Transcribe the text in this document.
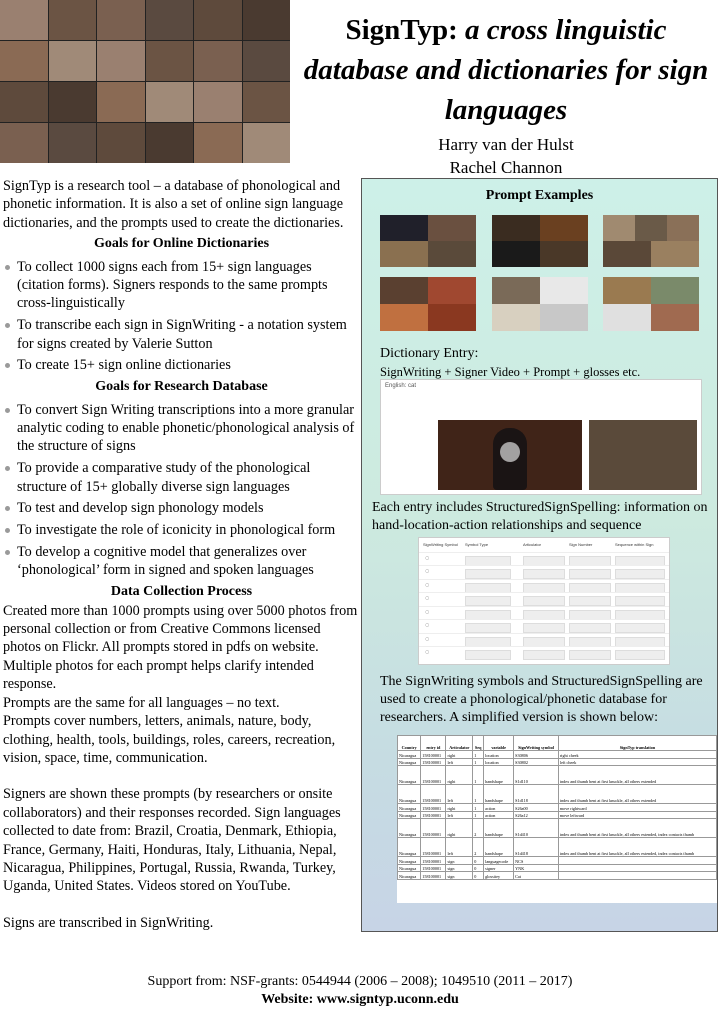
SignTyp: a cross linguistic database and dictionaries for sign languages
Harry van der Hulst
Rachel Channon

SignTyp is a research tool – a database of phonological and phonetic information. It is also a set of online sign language dictionaries, and the prompts used to create the dictionaries.

Goals for Online Dictionaries
To collect 1000 signs each from 15+ sign languages (citation forms). Signers responds to the same prompts cross-linguistically
To transcribe each sign in SignWriting - a notation system for signs created by Valerie Sutton
To create 15+ sign online dictionaries
Goals for Research Database
To convert Sign Writing transcriptions into a more granular analytic coding to enable phonetic/phonological analysis of the structure of signs
To provide a comparative study of the phonological structure of 15+ globally diverse sign languages
To test and develop sign phonology models
To investigate the role of iconicity in phonological form
To develop a cognitive model that generalizes over ‘phonological’ form in signed and spoken languages
Data Collection Process

Created more than 1000 prompts using over 5000 photos from personal collection or from Creative Commons licensed photos on Flickr. All prompts stored in pdfs on website. Multiple photos for each prompt helps clarify intended response.

Prompts are the same for all languages – no text.

Prompts cover numbers, letters, animals, nature, body, clothing, health, tools, buildings, roles, careers, recreation, vision, space, time, communication.

Signers are shown these prompts (by researchers or onsite collaborators) and their responses recorded. Sign languages collected to date from: Brazil, Croatia, Denmark, Ethiopia, France, Germany, Haiti, Honduras, Italy, Lithuania, Nepal, Nicaragua, Philippines, Portugal, Russia, Rwanda, Turkey, Uganda, United States. Videos stored on YouTube.

Signs are transcribed in SignWriting.

Prompt Examples
Dictionary Entry:
SignWriting + Signer Video + Prompt + glosses etc.
English: cat
Each entry includes StructuredSignSpelling: information on hand-location-action relationships and sequence
SignWriting Symbol Symbol Type	Articulator	Sign Number	Sequence within Sign
◌
◌
◌
◌
◌
◌
◌
◌
The SignWriting symbols and StructuredSignSpelling are used to create a phonological/phonetic database for researchers. A simplified version is shown below:
Country	entry id	Articulator	Seq	variable	SignWriting symbol	SignTyp translation
Nicaragua	158100001	right	1	location	S30806	right cheek
Nicaragua	158100001	left	1	location	S30802	left cheek
Nicaragua	158100001	right	1	handshape	S1d110	index and thumb bent at first knuckle, all others extended
Nicaragua	158100001	left	1	handshape	S1d118	index and thumb bent at first knuckle, all others extended
Nicaragua	158100001	right	1	action	S26a00	move rightward
Nicaragua	158100001	left	1	action	S26a12	move leftward
Nicaragua	158100001	right	2	handshape	S1d410	index and thumb bent at first knuckle, all others extended, index contacts thumb
Nicaragua	158100001	left	2	handshape	S1d418	index and thumb bent at first knuckle, all others extended, index contacts thumb
Nicaragua	158100001	sign	0	languagecode	NCS	
Nicaragua	158100001	sign	0	signer	YNK	
Nicaragua	158100001	sign	0	glossitey	Cat	
Support from: NSF-grants: 0544944 (2006 – 2008); 1049510 (2011 – 2017)
Website: www.signtyp.uconn.edu
